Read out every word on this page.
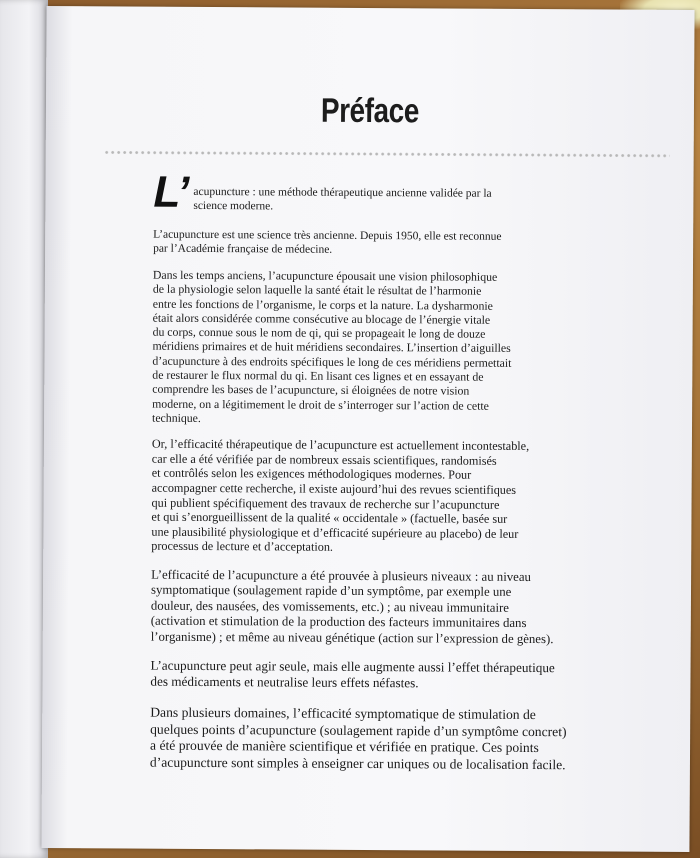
Préface
L’ acupuncture : une méthode thérapeutique ancienne validée par la
science moderne.

L’acupuncture est une science très ancienne. Depuis 1950, elle est reconnue
par l’Académie française de médecine.

Dans les temps anciens, l’acupuncture épousait une vision philosophique
de la physiologie selon laquelle la santé était le résultat de l’harmonie
entre les fonctions de l’organisme, le corps et la nature. La dysharmonie
était alors considérée comme consécutive au blocage de l’énergie vitale
du corps, connue sous le nom de qi, qui se propageait le long de douze
méridiens primaires et de huit méridiens secondaires. L’insertion d’aiguilles
d’acupuncture à des endroits spécifiques le long de ces méridiens permettait
de restaurer le flux normal du qi. En lisant ces lignes et en essayant de
comprendre les bases de l’acupuncture, si éloignées de notre vision
moderne, on a légitimement le droit de s’interroger sur l’action de cette
technique.

Or, l’efficacité thérapeutique de l’acupuncture est actuellement incontestable,
car elle a été vérifiée par de nombreux essais scientifiques, randomisés
et contrôlés selon les exigences méthodologiques modernes. Pour
accompagner cette recherche, il existe aujourd’hui des revues scientifiques
qui publient spécifiquement des travaux de recherche sur l’acupuncture
et qui s’enorgueillissent de la qualité « occidentale » (factuelle, basée sur
une plausibilité physiologique et d’efficacité supérieure au placebo) de leur
processus de lecture et d’acceptation.

L’efficacité de l’acupuncture a été prouvée à plusieurs niveaux : au niveau
symptomatique (soulagement rapide d’un symptôme, par exemple une
douleur, des nausées, des vomissements, etc.) ; au niveau immunitaire
(activation et stimulation de la production des facteurs immunitaires dans
l’organisme) ; et même au niveau génétique (action sur l’expression de gènes).

L’acupuncture peut agir seule, mais elle augmente aussi l’effet thérapeutique
des médicaments et neutralise leurs effets néfastes.

Dans plusieurs domaines, l’efficacité symptomatique de stimulation de
quelques points d’acupuncture (soulagement rapide d’un symptôme concret)
a été prouvée de manière scientifique et vérifiée en pratique. Ces points
d’acupuncture sont simples à enseigner car uniques ou de localisation facile.
